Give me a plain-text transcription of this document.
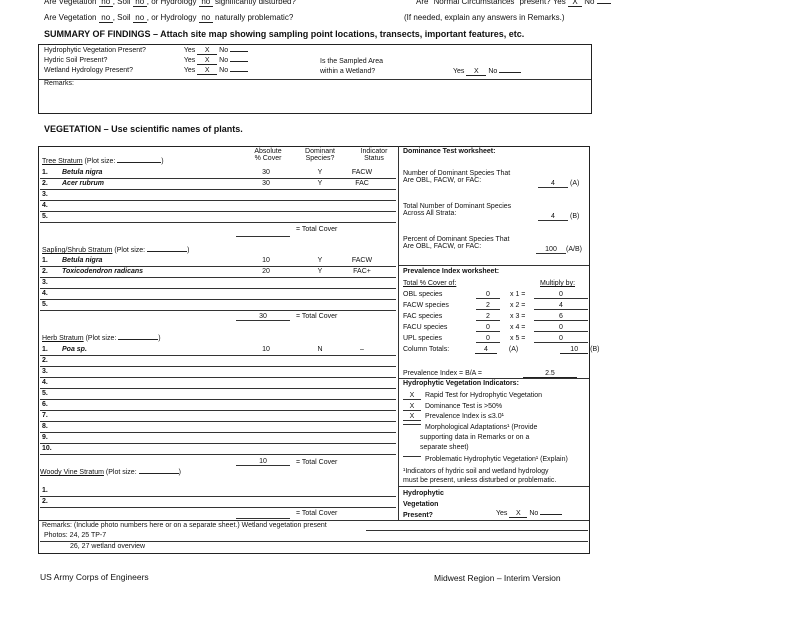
Are Vegetation no , Soil no , or Hydrology no significantly disturbed?	Are "Normal Circumstances" present? Yes X No
Are Vegetation no , Soil no , or Hydrology no naturally problematic?	(If needed, explain any answers in Remarks.)
SUMMARY OF FINDINGS – Attach site map showing sampling point locations, transects, important features, etc.
Hydrophytic Vegetation Present?	Yes X No
Hydric Soil Present?	Yes X No
Wetland Hydrology Present?	Yes X No
Is the Sampled Area
within a Wetland?	Yes X No
Remarks:
VEGETATION – Use scientific names of plants.
Absolute
% Cover
Dominant
Species?
Indicator
Status
Tree Stratum (Plot size:	)
1. Betula nigra	30	Y	FACW
2. Acer rubrum	30	Y	FAC
3.
4.
5.
= Total Cover
Sapling/Shrub Stratum (Plot size:	)
1. Betula nigra	10	Y	FACW
2. Toxicodendron radicans	20	Y	FAC+
3.
4.
5.
30	= Total Cover
Herb Stratum (Plot size:	)
1. Poa sp.	10	N	–
2.
3.
4.
5.
6.
7.
8.
9.
10.
10	= Total Cover
Woody Vine Stratum (Plot size:	)
1.
2.
= Total Cover
Remarks: (Include photo numbers here or on a separate sheet.) Wetland vegetation present
Photos: 24, 25 TP-7
26, 27 wetland overview
Dominance Test worksheet:
Number of Dominant Species That
Are OBL, FACW, or FAC:	4	(A)
Total Number of Dominant Species
Across All Strata:	4	(B)
Percent of Dominant Species That
Are OBL, FACW, or FAC:	100	(A/B)
Prevalence Index worksheet:
Total % Cover of:	Multiply by:
OBL species	0	x 1 =	0
FACW species	2	x 2 =	4
FAC species	2	x 3 =	6
FACU species	0	x 4 =	0
UPL species	0	x 5 =	0
Column Totals:	4	(A)	10 (B)
Prevalence Index = B/A =	2.5
Hydrophytic Vegetation Indicators:
X	Rapid Test for Hydrophytic Vegetation
X	Dominance Test is >50%
X	Prevalence Index is ≤3.0¹
Morphological Adaptations¹ (Provide
Problematic Hydrophytic Vegetation¹ (Explain)
supporting data in Remarks or on a
separate sheet)
¹Indicators of hydric soil and wetland hydrology
must be present, unless disturbed or problematic.
Hydrophytic
Vegetation
Present?	Yes X No
US Army Corps of Engineers	Midwest Region – Interim Version
